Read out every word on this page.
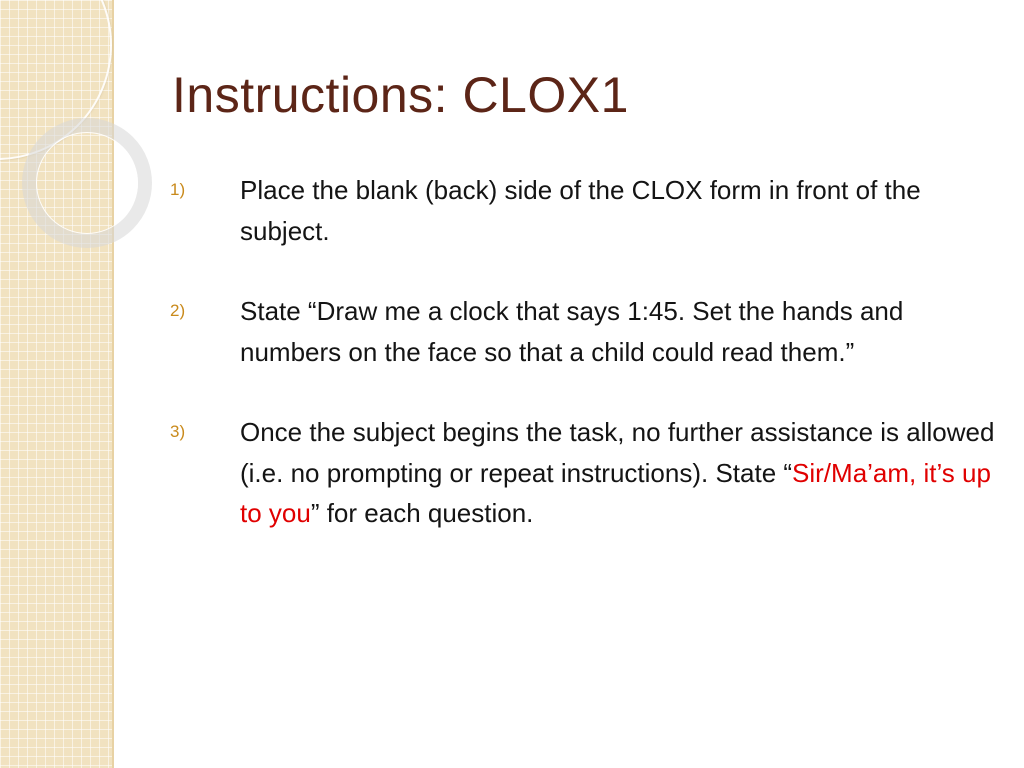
Instructions: CLOX1
1)	Place the blank (back) side of the CLOX form in front of the subject.
2)	State “Draw me a clock that says 1:45. Set the hands and numbers on the face so that a child could read them.”
3)	Once the subject begins the task, no further assistance is allowed (i.e. no prompting or repeat instructions). State “Sir/Ma’am, it’s up to you” for each question.
